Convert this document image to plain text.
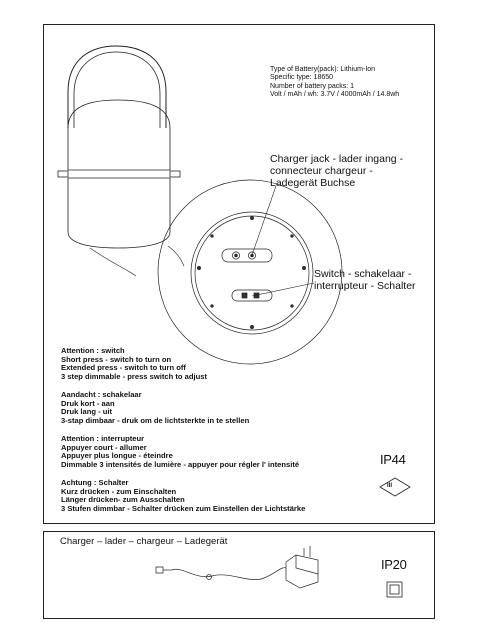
Type of Battery(pack): Lithium-Ion
Specific type: 18650
Number of battery packs: 1
Volt / mAh / wh: 3.7V / 4000mAh / 14.8wh
Charger jack - lader ingang -
connecteur chargeur -
Ladegerät Buchse
Switch - schakelaar -
interrupteur - Schalter
Attention : switch
Short press - switch to turn on
Extended press - switch to turn off
3 step dimmable - press switch to adjust
Aandacht : schakelaar
Druk kort - aan
Druk lang - uit
3-stap dimbaar - druk om de lichtsterkte in te stellen
Attention : interrupteur
Appuyer court - allumer
Appuyer plus longue - éteindre
Dimmable 3 intensités de lumière - appuyer pour régler l' intensité
Achtung : Schalter
Kurz drücken - zum Einschalten
Länger drücken- zum Ausschalten
3 Stufen dimmbar - Schalter drücken zum Einstellen der Lichtstärke
IP44
III
IP20
Charger – lader – chargeur – Ladegerät
